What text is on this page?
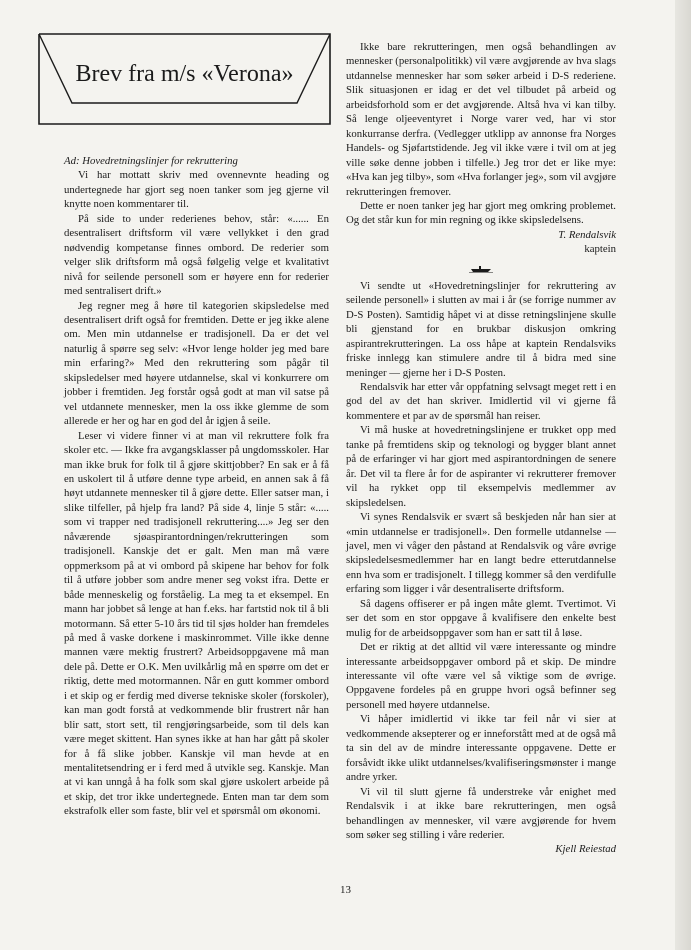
Brev fra m/s «Verona»

Ad: Hovedretningslinjer for rekruttering

Vi har mottatt skriv med ovennevnte heading og undertegnede har gjort seg noen tanker som jeg gjerne vil knytte noen kommentarer til.

På side to under rederienes behov, står: «...... En desentralisert driftsform vil være vellykket i den grad nødvendig kompetanse finnes ombord. De rederier som velger slik driftsform må også følgelig velge et kvalitativt nivå for seilende personell som er høyere enn for rederier med sentralisert drift.»

Jeg regner meg å høre til kategorien skipsledelse med desentralisert drift også for fremtiden. Dette er jeg ikke alene om. Men min utdannelse er tradisjonell. Da er det vel naturlig å spørre seg selv: «Hvor lenge holder jeg med bare min erfaring?» Med den rekruttering som pågår til skipsledelser med høyere utdannelse, skal vi konkurrere om jobber i fremtiden. Jeg forstår også godt at man vil satse på vel utdannete mennesker, men la oss ikke glemme de som allerede er her og har en god del år igjen å seile.

Leser vi videre finner vi at man vil rekruttere folk fra skoler etc. — Ikke fra avgangsklasser på ungdomsskoler. Har man ikke bruk for folk til å gjøre skittjobber? En sak er å få en uskolert til å utføre denne type arbeid, en annen sak å få høyt utdannete mennesker til å gjøre dette. Eller satser man, i slike tilfeller, på hjelp fra land? På side 4, linje 5 står: «..... som vi trapper ned tradisjonell rekruttering....» Jeg ser den nåværende sjøaspirantordningen/rekrutteringen som tradisjonell. Kanskje det er galt. Men man må være oppmerksom på at vi ombord på skipene har behov for folk til å utføre jobber som andre mener seg vokst ifra. Dette er både menneskelig og forståelig. La meg ta et eksempel. En mann har jobbet så lenge at han f.eks. har fartstid nok til å bli motormann. Så etter 5-10 års tid til sjøs holder han fremdeles på med å vaske dorkene i maskinrommet. Ville ikke denne mannen være mektig frustrert? Arbeidsoppgavene må man dele på. Dette er O.K. Men uvilkårlig må en spørre om det er riktig, dette med motormannen. Når en gutt kommer ombord i et skip og er ferdig med diverse tekniske skoler (forskoler), kan man godt forstå at vedkommende blir frustrert når han blir satt, stort sett, til rengjøringsarbeide, som til dels kan være meget skittent. Han synes ikke at han har gått på skoler for å få slike jobber. Kanskje vil man hevde at en mentalitetsendring er i ferd med å utvikle seg. Kanskje. Man at vi kan unngå å ha folk som skal gjøre uskolert arbeide på et skip, det tror ikke undertegnede. Enten man tar dem som ekstrafolk eller som faste, blir vel et spørsmål om økonomi.

Ikke bare rekrutteringen, men også behandlingen av mennesker (personalpolitikk) vil være avgjørende av hva slags utdannelse mennesker har som søker arbeid i D-S rederiene. Slik situasjonen er idag er det vel tilbudet på arbeid og arbeidsforhold som er det avgjørende. Altså hva vi kan tilby. Så lenge oljeeventyret i Norge varer ved, har vi stor konkurranse derfra. (Vedlegger utklipp av annonse fra Norges Handels- og Sjøfartstidende. Jeg vil ikke være i tvil om at jeg ville søke denne jobben i tilfelle.) Jeg tror det er like mye: «Hva kan jeg tilby», som «Hva forlanger jeg», som vil avgjøre rekrutteringen fremover.

Dette er noen tanker jeg har gjort meg omkring problemet. Og det står kun for min regning og ikke skipsledelsens.

T. Rendalsvik

kaptein

Vi sendte ut «Hovedretningslinjer for rekruttering av seilende personell» i slutten av mai i år (se forrige nummer av D-S Posten). Samtidig håpet vi at disse retningslinjene skulle bli gjenstand for en brukbar diskusjon omkring aspirantrekrutteringen. La oss håpe at kaptein Rendalsviks friske innlegg kan stimulere andre til å bidra med sine meninger — gjerne her i D-S Posten.

Rendalsvik har etter vår oppfatning selvsagt meget rett i en god del av det han skriver. Imidlertid vil vi gjerne få kommentere et par av de spørsmål han reiser.

Vi må huske at hovedretningslinjene er trukket opp med tanke på fremtidens skip og teknologi og bygger blant annet på de erfaringer vi har gjort med aspirantordningen de senere år. Det vil ta flere år for de aspiranter vi rekrutterer fremover vil ha rykket opp til eksempelvis medlemmer av skipsledelsen.

Vi synes Rendalsvik er svært så beskjeden når han sier at «min utdannelse er tradisjonell». Den formelle utdannelse — javel, men vi våger den påstand at Rendalsvik og våre øvrige skipsledelsesmedlemmer har en langt bedre etterutdannelse enn hva som er tradisjonelt. I tillegg kommer så den verdifulle erfaring som ligger i vår desentraliserte driftsform.

Så dagens offiserer er på ingen måte glemt. Tvertimot. Vi ser det som en stor oppgave å kvalifisere den enkelte best mulig for de arbeidsoppgaver som han er satt til å løse.

Det er riktig at det alltid vil være interessante og mindre interessante arbeidsoppgaver ombord på et skip. De mindre interessante vil ofte være vel så viktige som de øvrige. Oppgavene fordeles på en gruppe hvori også befinner seg personell med høyere utdannelse.

Vi håper imidlertid vi ikke tar feil når vi sier at vedkommende aksepterer og er inneforstått med at de også må ta sin del av de mindre interessante oppgavene. Dette er forsåvidt ikke ulikt utdannelses/kvalifiseringsmønster i mange andre yrker.

Vi vil til slutt gjerne få understreke vår enighet med Rendalsvik i at ikke bare rekrutteringen, men også behandlingen av mennesker, vil være avgjørende for hvem som søker seg stilling i våre rederier.

Kjell Reiestad

13
